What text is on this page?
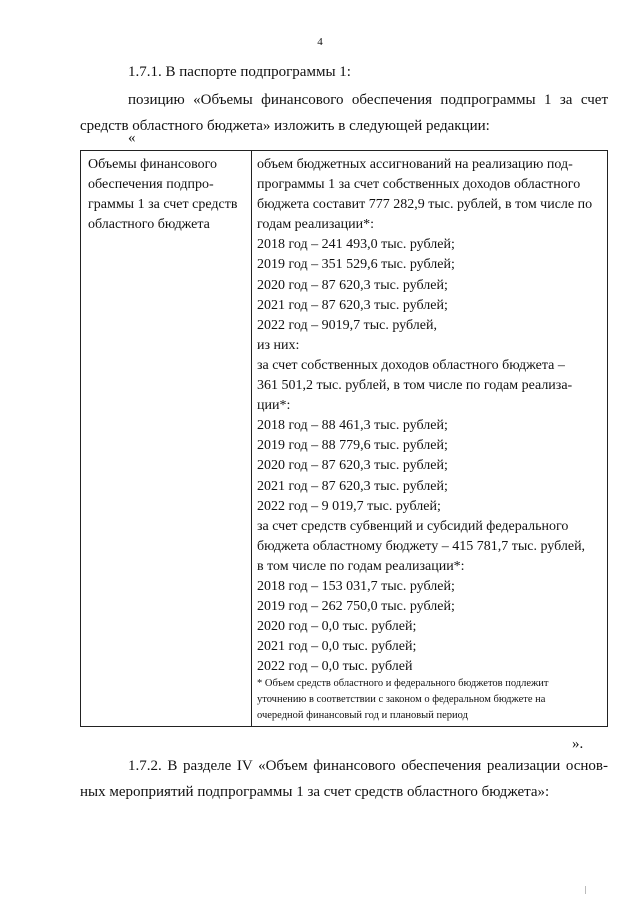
4
1.7.1. В паспорте подпрограммы 1:
позицию «Объемы финансового обеспечения подпрограммы 1 за счет
средств областного бюджета» изложить в следующей редакции:
«
Объемы финансового
обеспечения подпро-
граммы 1 за счет средств
областного бюджета
объем бюджетных ассигнований на реализацию под-
программы 1 за счет собственных доходов областного
бюджета составит 777 282,9 тыс. рублей, в том числе по
годам реализации*:
2018 год – 241 493,0 тыс. рублей;
2019 год – 351 529,6 тыс. рублей;
2020 год – 87 620,3 тыс. рублей;
2021 год – 87 620,3 тыс. рублей;
2022 год – 9019,7 тыс. рублей,
из них:
за счет собственных доходов областного бюджета –
361 501,2 тыс. рублей, в том числе по годам реализа-
ции*:
2018 год – 88 461,3 тыс. рублей;
2019 год – 88 779,6 тыс. рублей;
2020 год – 87 620,3 тыс. рублей;
2021 год – 87 620,3 тыс. рублей;
2022 год – 9 019,7 тыс. рублей;
за счет средств субвенций и субсидий федерального
бюджета областному бюджету – 415 781,7 тыс. рублей,
в том числе по годам реализации*:
2018 год – 153 031,7 тыс. рублей;
2019 год – 262 750,0 тыс. рублей;
2020 год – 0,0 тыс. рублей;
2021 год – 0,0 тыс. рублей;
2022 год – 0,0 тыс. рублей
* Объем средств областного и федерального бюджетов подлежит
уточнению в соответствии с законом о федеральном бюджете на
очередной финансовый год и плановый период
».
1.7.2. В разделе IV «Объем финансового обеспечения реализации основ-
ных мероприятий подпрограммы 1 за счет средств областного бюджета»:
